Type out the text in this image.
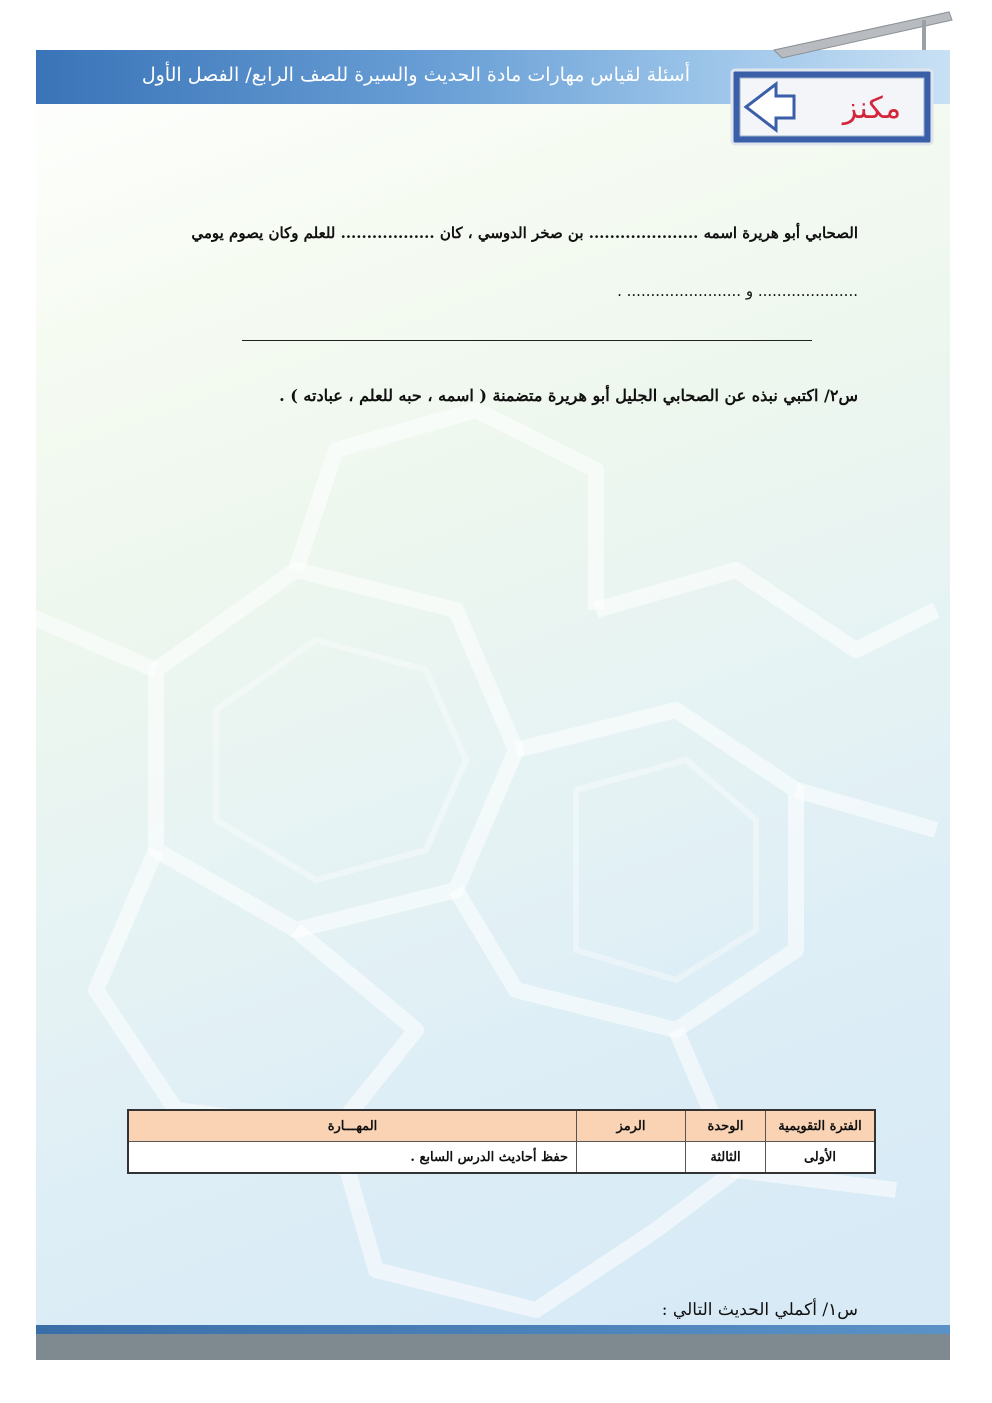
أسئلة لقياس مهارات مادة الحديث والسيرة للصف الرابع/ الفصل الأول
الصحابي أبو هريرة اسمه ..................... بن صخر الدوسي ، كان .................. للعلم وكان يصوم يومي
..................... و ........................ .
س٢/ اكتبي نبذه عن الصحابي الجليل أبو هريرة متضمنة ( اسمه ، حبه للعلم ، عبادته ) .
س١/ أكملي الحديث التالي :
مكنز
الفترة التقويمية	الوحدة	الرمز	المهـــارة
الأولى	الثالثة		حفظ أحاديث الدرس السابع .
